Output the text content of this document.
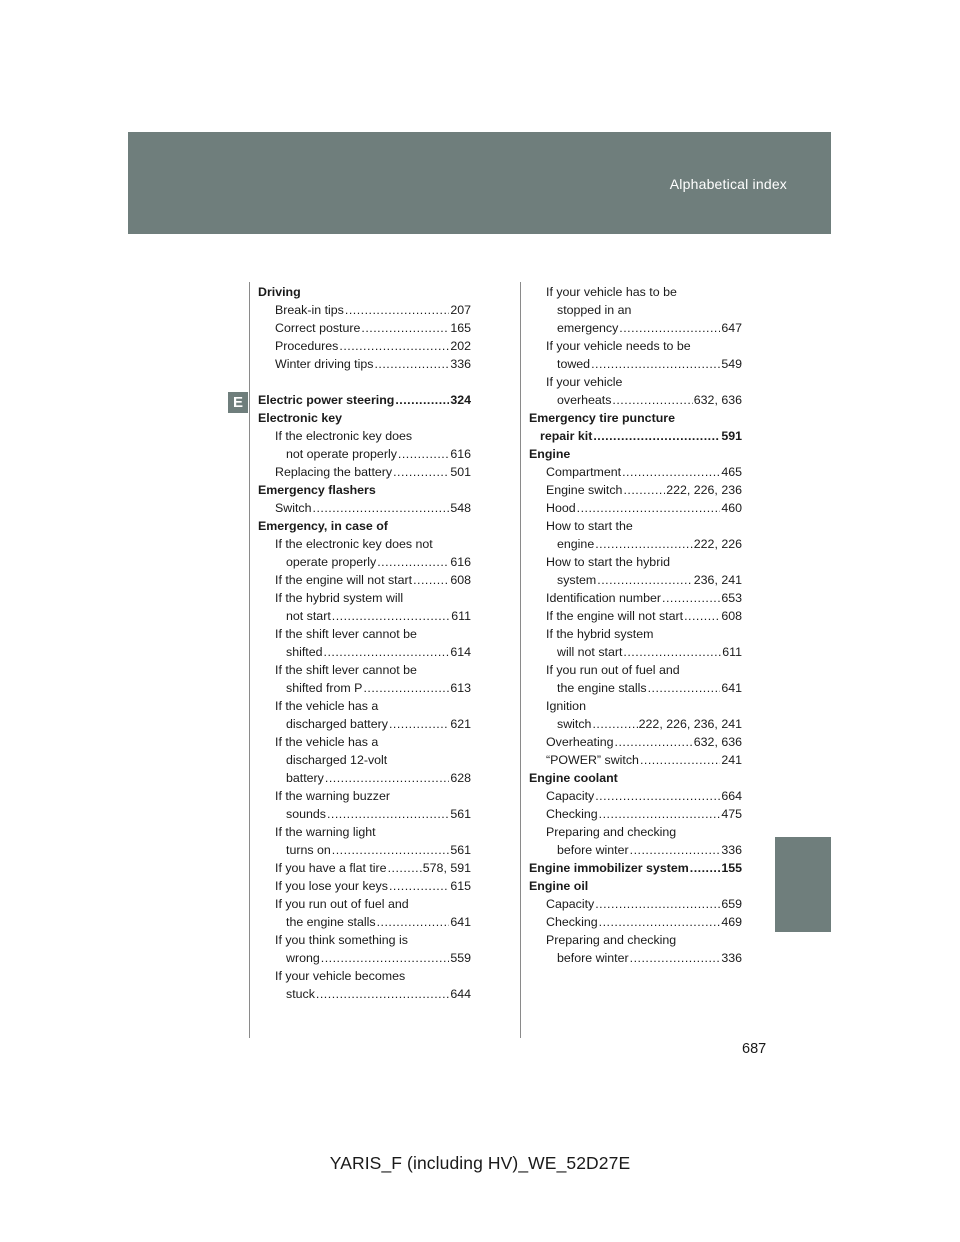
Alphabetical index
E
Driving
Break-in tips .....	207
Correct posture .....	165
Procedures .....	202
Winter driving tips .....	336
Electric power steering .....	324
Electronic key
If the electronic key does
not operate properly .....	616
Replacing the battery .....	501
Emergency flashers
Switch .....	548
Emergency, in case of
If the electronic key does not
operate properly .....	616
If the engine will not start .....	608
If the hybrid system will
not start .....	611
If the shift lever cannot be
shifted .....	614
If the shift lever cannot be
shifted from P .....	613
If the vehicle has a
discharged battery .....	621
If the vehicle has a
discharged 12-volt
battery .....	628
If the warning buzzer
sounds .....	561
If the warning light
turns on .....	561
If you have a flat tire .....	578, 591
If you lose your keys .....	615
If you run out of fuel and
the engine stalls .....	641
If you think something is
wrong .....	559
If your vehicle becomes
stuck .....	644
If your vehicle has to be
stopped in an
emergency .....	647
If your vehicle needs to be
towed .....	549
If your vehicle
overheats .....	632, 636
Emergency tire puncture
repair kit .....	591
Engine
Compartment .....	465
Engine switch .....	222, 226, 236
Hood .....	460
How to start the
engine .....	222, 226
How to start the hybrid
system .....	236, 241
Identification number .....	653
If the engine will not start .....	608
If the hybrid system
will not start .....	611
If you run out of fuel and
the engine stalls .....	641
Ignition
switch .....	222, 226, 236, 241
Overheating .....	632, 636
“POWER” switch .....	241
Engine coolant
Capacity .....	664
Checking .....	475
Preparing and checking
before winter .....	336
Engine immobilizer system .....	155
Engine oil
Capacity .....	659
Checking .....	469
Preparing and checking
before winter .....	336
687
YARIS_F (including HV)_WE_52D27E
